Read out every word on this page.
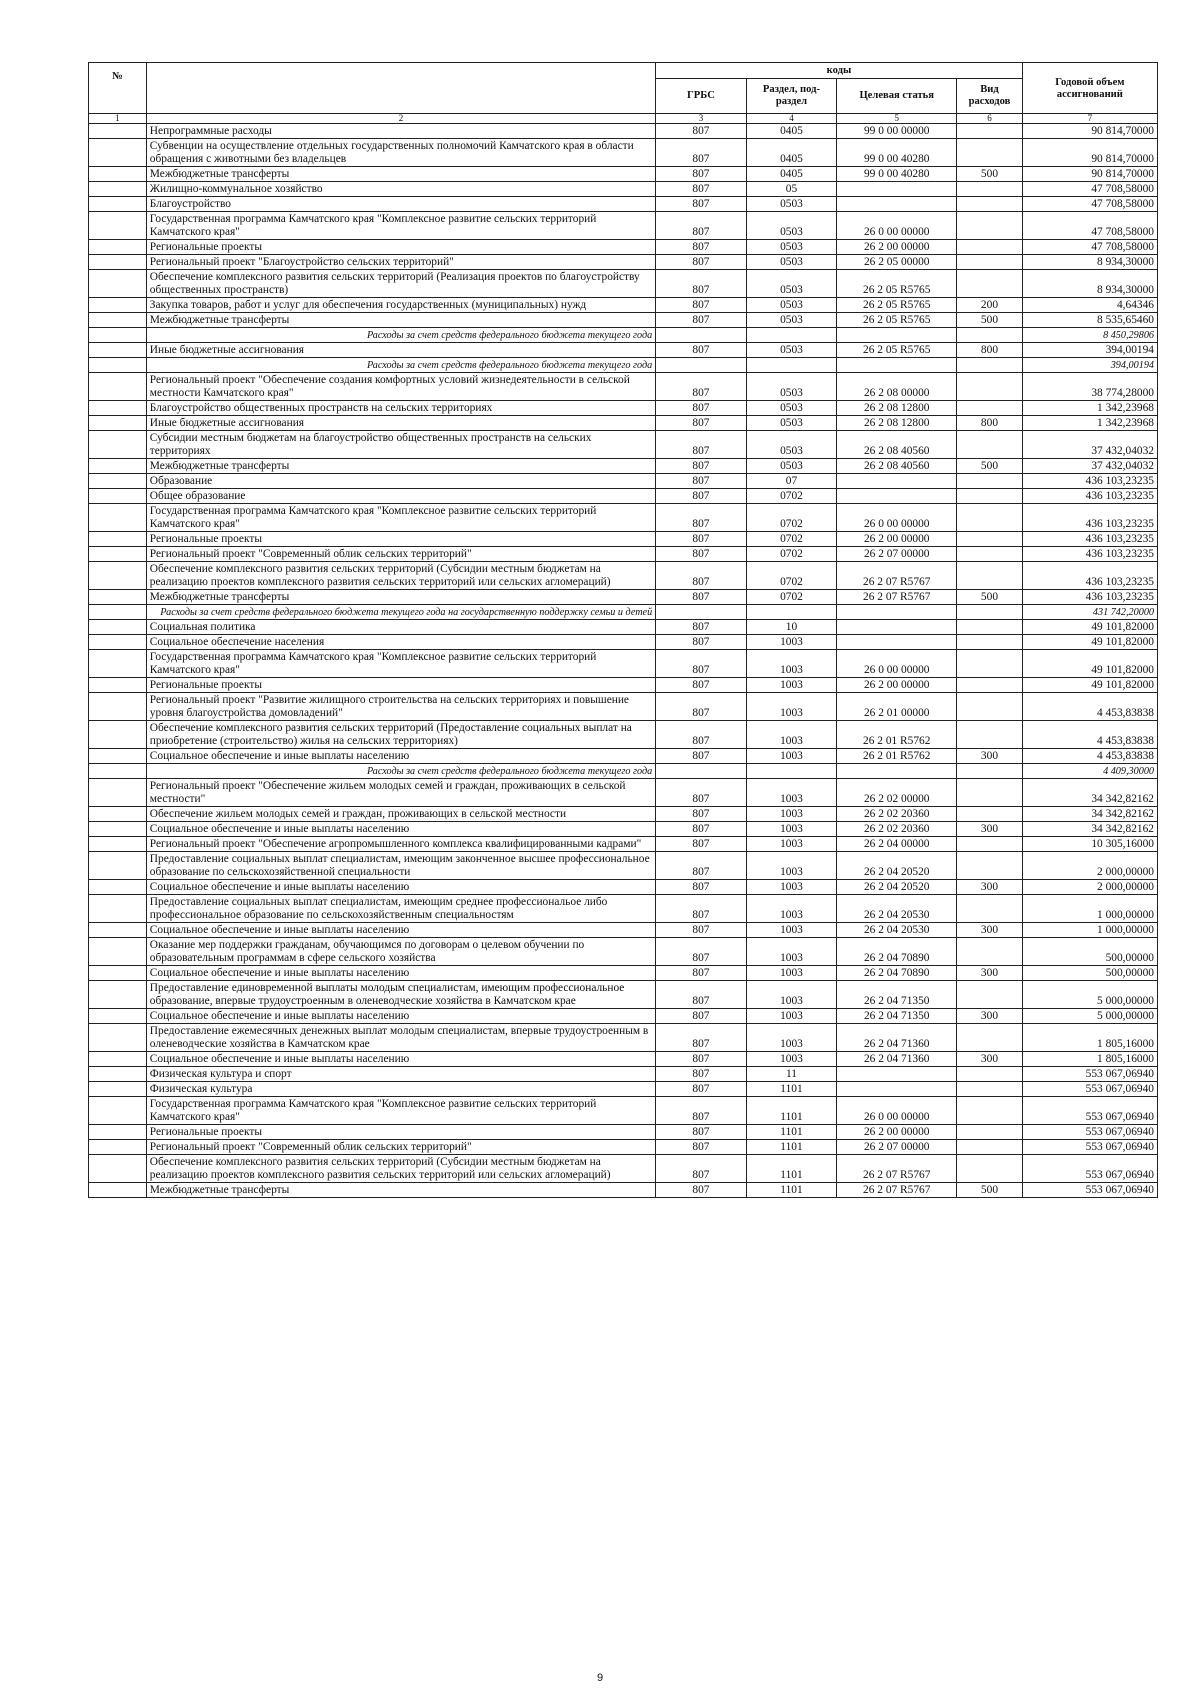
№		коды				Годовой объем ассигнований
		ГРБС	Раздел, под-раздел	Целевая статья	Вид расходов	
1	2	3	4	5	6	7
	Непрограммные расходы	807	0405	99 0 00 00000		90 814,70000
	Субвенции на осуществление отдельных государственных полномочий Камчатского края в области обращения с животными без владельцев	807	0405	99 0 00 40280		90 814,70000
	Межбюджетные трансферты	807	0405	99 0 00 40280	500	90 814,70000
	Жилищно-коммунальное хозяйство	807	05			47 708,58000
	Благоустройство	807	0503			47 708,58000
	Государственная программа Камчатского края "Комплексное развитие сельских территорий Камчатского края"	807	0503	26 0 00 00000		47 708,58000
	Региональные проекты	807	0503	26 2 00 00000		47 708,58000
	Региональный проект "Благоустройство сельских территорий"	807	0503	26 2 05 00000		8 934,30000
	Обеспечение комплексного развития сельских территорий (Реализация проектов по благоустройству общественных пространств)	807	0503	26 2 05 R5765		8 934,30000
	Закупка товаров, работ и услуг для обеспечения государственных (муниципальных) нужд	807	0503	26 2 05 R5765	200	4,64346
	Межбюджетные трансферты	807	0503	26 2 05 R5765	500	8 535,65460
	Расходы за счет средств федерального бюджета текущего года					8 450,29806
	Иные бюджетные ассигнования	807	0503	26 2 05 R5765	800	394,00194
	Расходы за счет средств федерального бюджета текущего года					394,00194
	Региональный проект "Обеспечение создания комфортных условий жизнедеятельности в сельской местности Камчатского края"	807	0503	26 2 08 00000		38 774,28000
	Благоустройство общественных пространств на сельских территориях	807	0503	26 2 08 12800		1 342,23968
	Иные бюджетные ассигнования	807	0503	26 2 08 12800	800	1 342,23968
	Субсидии местным бюджетам на благоустройство общественных пространств на сельских территориях	807	0503	26 2 08 40560		37 432,04032
	Межбюджетные трансферты	807	0503	26 2 08 40560	500	37 432,04032
	Образование	807	07			436 103,23235
	Общее образование	807	0702			436 103,23235
	Государственная программа Камчатского края "Комплексное развитие сельских территорий Камчатского края"	807	0702	26 0 00 00000		436 103,23235
	Региональные проекты	807	0702	26 2 00 00000		436 103,23235
	Региональный проект "Современный облик сельских территорий"	807	0702	26 2 07 00000		436 103,23235
	Обеспечение комплексного развития сельских территорий (Субсидии местным бюджетам на реализацию проектов комплексного развития сельских территорий или сельских агломераций)	807	0702	26 2 07 R5767		436 103,23235
	Межбюджетные трансферты	807	0702	26 2 07 R5767	500	436 103,23235
	Расходы за счет средств федерального бюджета текущего года на государственную поддержку семьи и детей					431 742,20000
	Социальная политика	807	10			49 101,82000
	Социальное обеспечение населения	807	1003			49 101,82000
	Государственная программа Камчатского края "Комплексное развитие сельских территорий Камчатского края"	807	1003	26 0 00 00000		49 101,82000
	Региональные проекты	807	1003	26 2 00 00000		49 101,82000
	Региональный проект "Развитие жилищного строительства на сельских территориях и повышение уровня благоустройства домовладений"	807	1003	26 2 01 00000		4 453,83838
	Обеспечение комплексного развития сельских территорий (Предоставление социальных выплат на приобретение (строительство) жилья на сельских территориях)	807	1003	26 2 01 R5762		4 453,83838
	Социальное обеспечение и иные выплаты населению	807	1003	26 2 01 R5762	300	4 453,83838
	Расходы за счет средств федерального бюджета текущего года					4 409,30000
	Региональный проект "Обеспечение жильем молодых семей и граждан, проживающих в сельской местности"	807	1003	26 2 02 00000		34 342,82162
	Обеспечение жильем молодых семей и граждан, проживающих в сельской местности	807	1003	26 2 02 20360		34 342,82162
	Социальное обеспечение и иные выплаты населению	807	1003	26 2 02 20360	300	34 342,82162
	Региональный проект "Обеспечение агропромышленного комплекса квалифицированными кадрами"	807	1003	26 2 04 00000		10 305,16000
	Предоставление социальных выплат специалистам, имеющим законченное высшее профессиональное образование по сельскохозяйственной специальности	807	1003	26 2 04 20520		2 000,00000
	Социальное обеспечение и иные выплаты населению	807	1003	26 2 04 20520	300	2 000,00000
	Предоставление социальных выплат специалистам, имеющим среднее профессиональое либо профессиональное образование по сельскохозяйственным специальностям	807	1003	26 2 04 20530		1 000,00000
	Социальное обеспечение и иные выплаты населению	807	1003	26 2 04 20530	300	1 000,00000
	Оказание мер поддержки гражданам, обучающимся по договорам о целевом обучении по образовательным программам в сфере сельского хозяйства	807	1003	26 2 04 70890		500,00000
	Социальное обеспечение и иные выплаты населению	807	1003	26 2 04 70890	300	500,00000
	Предоставление единовременной выплаты молодым специалистам, имеющим профессиональное образование, впервые трудоустроенным в оленеводческие хозяйства в Камчатском крае	807	1003	26 2 04 71350		5 000,00000
	Социальное обеспечение и иные выплаты населению	807	1003	26 2 04 71350	300	5 000,00000
	Предоставление ежемесячных денежных выплат молодым специалистам, впервые трудоустроенным в оленеводческие хозяйства в Камчатском крае	807	1003	26 2 04 71360		1 805,16000
	Социальное обеспечение и иные выплаты населению	807	1003	26 2 04 71360	300	1 805,16000
	Физическая культура и спорт	807	11			553 067,06940
	Физическая культура	807	1101			553 067,06940
	Государственная программа Камчатского края "Комплексное развитие сельских территорий Камчатского края"	807	1101	26 0 00 00000		553 067,06940
	Региональные проекты	807	1101	26 2 00 00000		553 067,06940
	Региональный проект "Современный облик сельских территорий"	807	1101	26 2 07 00000		553 067,06940
	Обеспечение комплексного развития сельских территорий (Субсидии местным бюджетам на реализацию проектов комплексного развития сельских территорий или сельских агломераций)	807	1101	26 2 07 R5767		553 067,06940
	Межбюджетные трансферты	807	1101	26 2 07 R5767	500	553 067,06940
9
